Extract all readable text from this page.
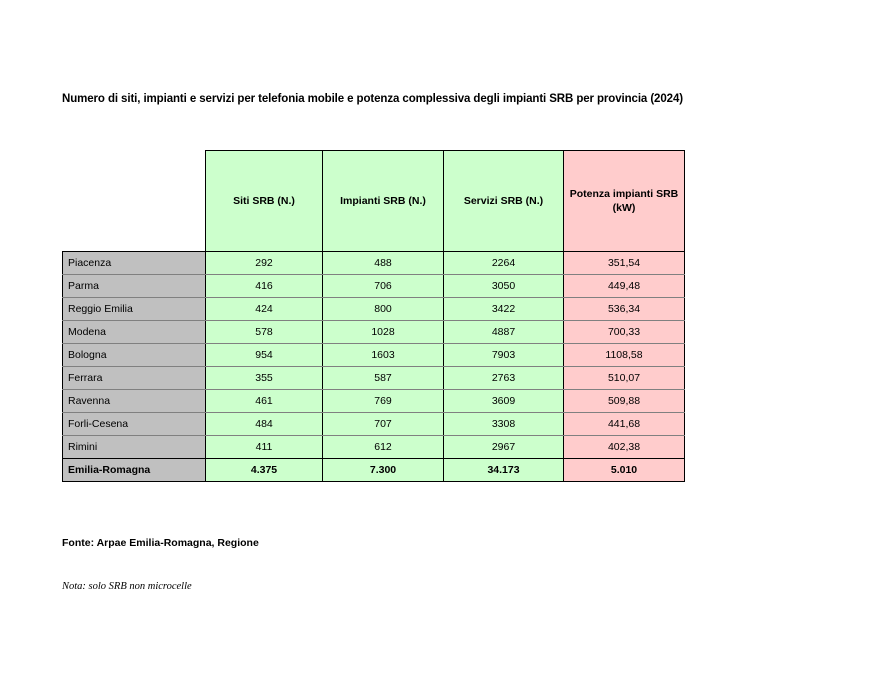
Numero di siti, impianti e servizi per telefonia mobile e potenza complessiva degli impianti SRB per provincia (2024)
	Siti SRB (N.)	Impianti SRB (N.)	Servizi SRB (N.)	Potenza impianti SRB (kW)
Piacenza	292	488	2264	351,54
Parma	416	706	3050	449,48
Reggio Emilia	424	800	3422	536,34
Modena	578	1028	4887	700,33
Bologna	954	1603	7903	1108,58
Ferrara	355	587	2763	510,07
Ravenna	461	769	3609	509,88
Forli-Cesena	484	707	3308	441,68
Rimini	411	612	2967	402,38
Emilia-Romagna	4.375	7.300	34.173	5.010
Fonte: Arpae Emilia-Romagna, Regione
Nota: solo SRB non microcelle
